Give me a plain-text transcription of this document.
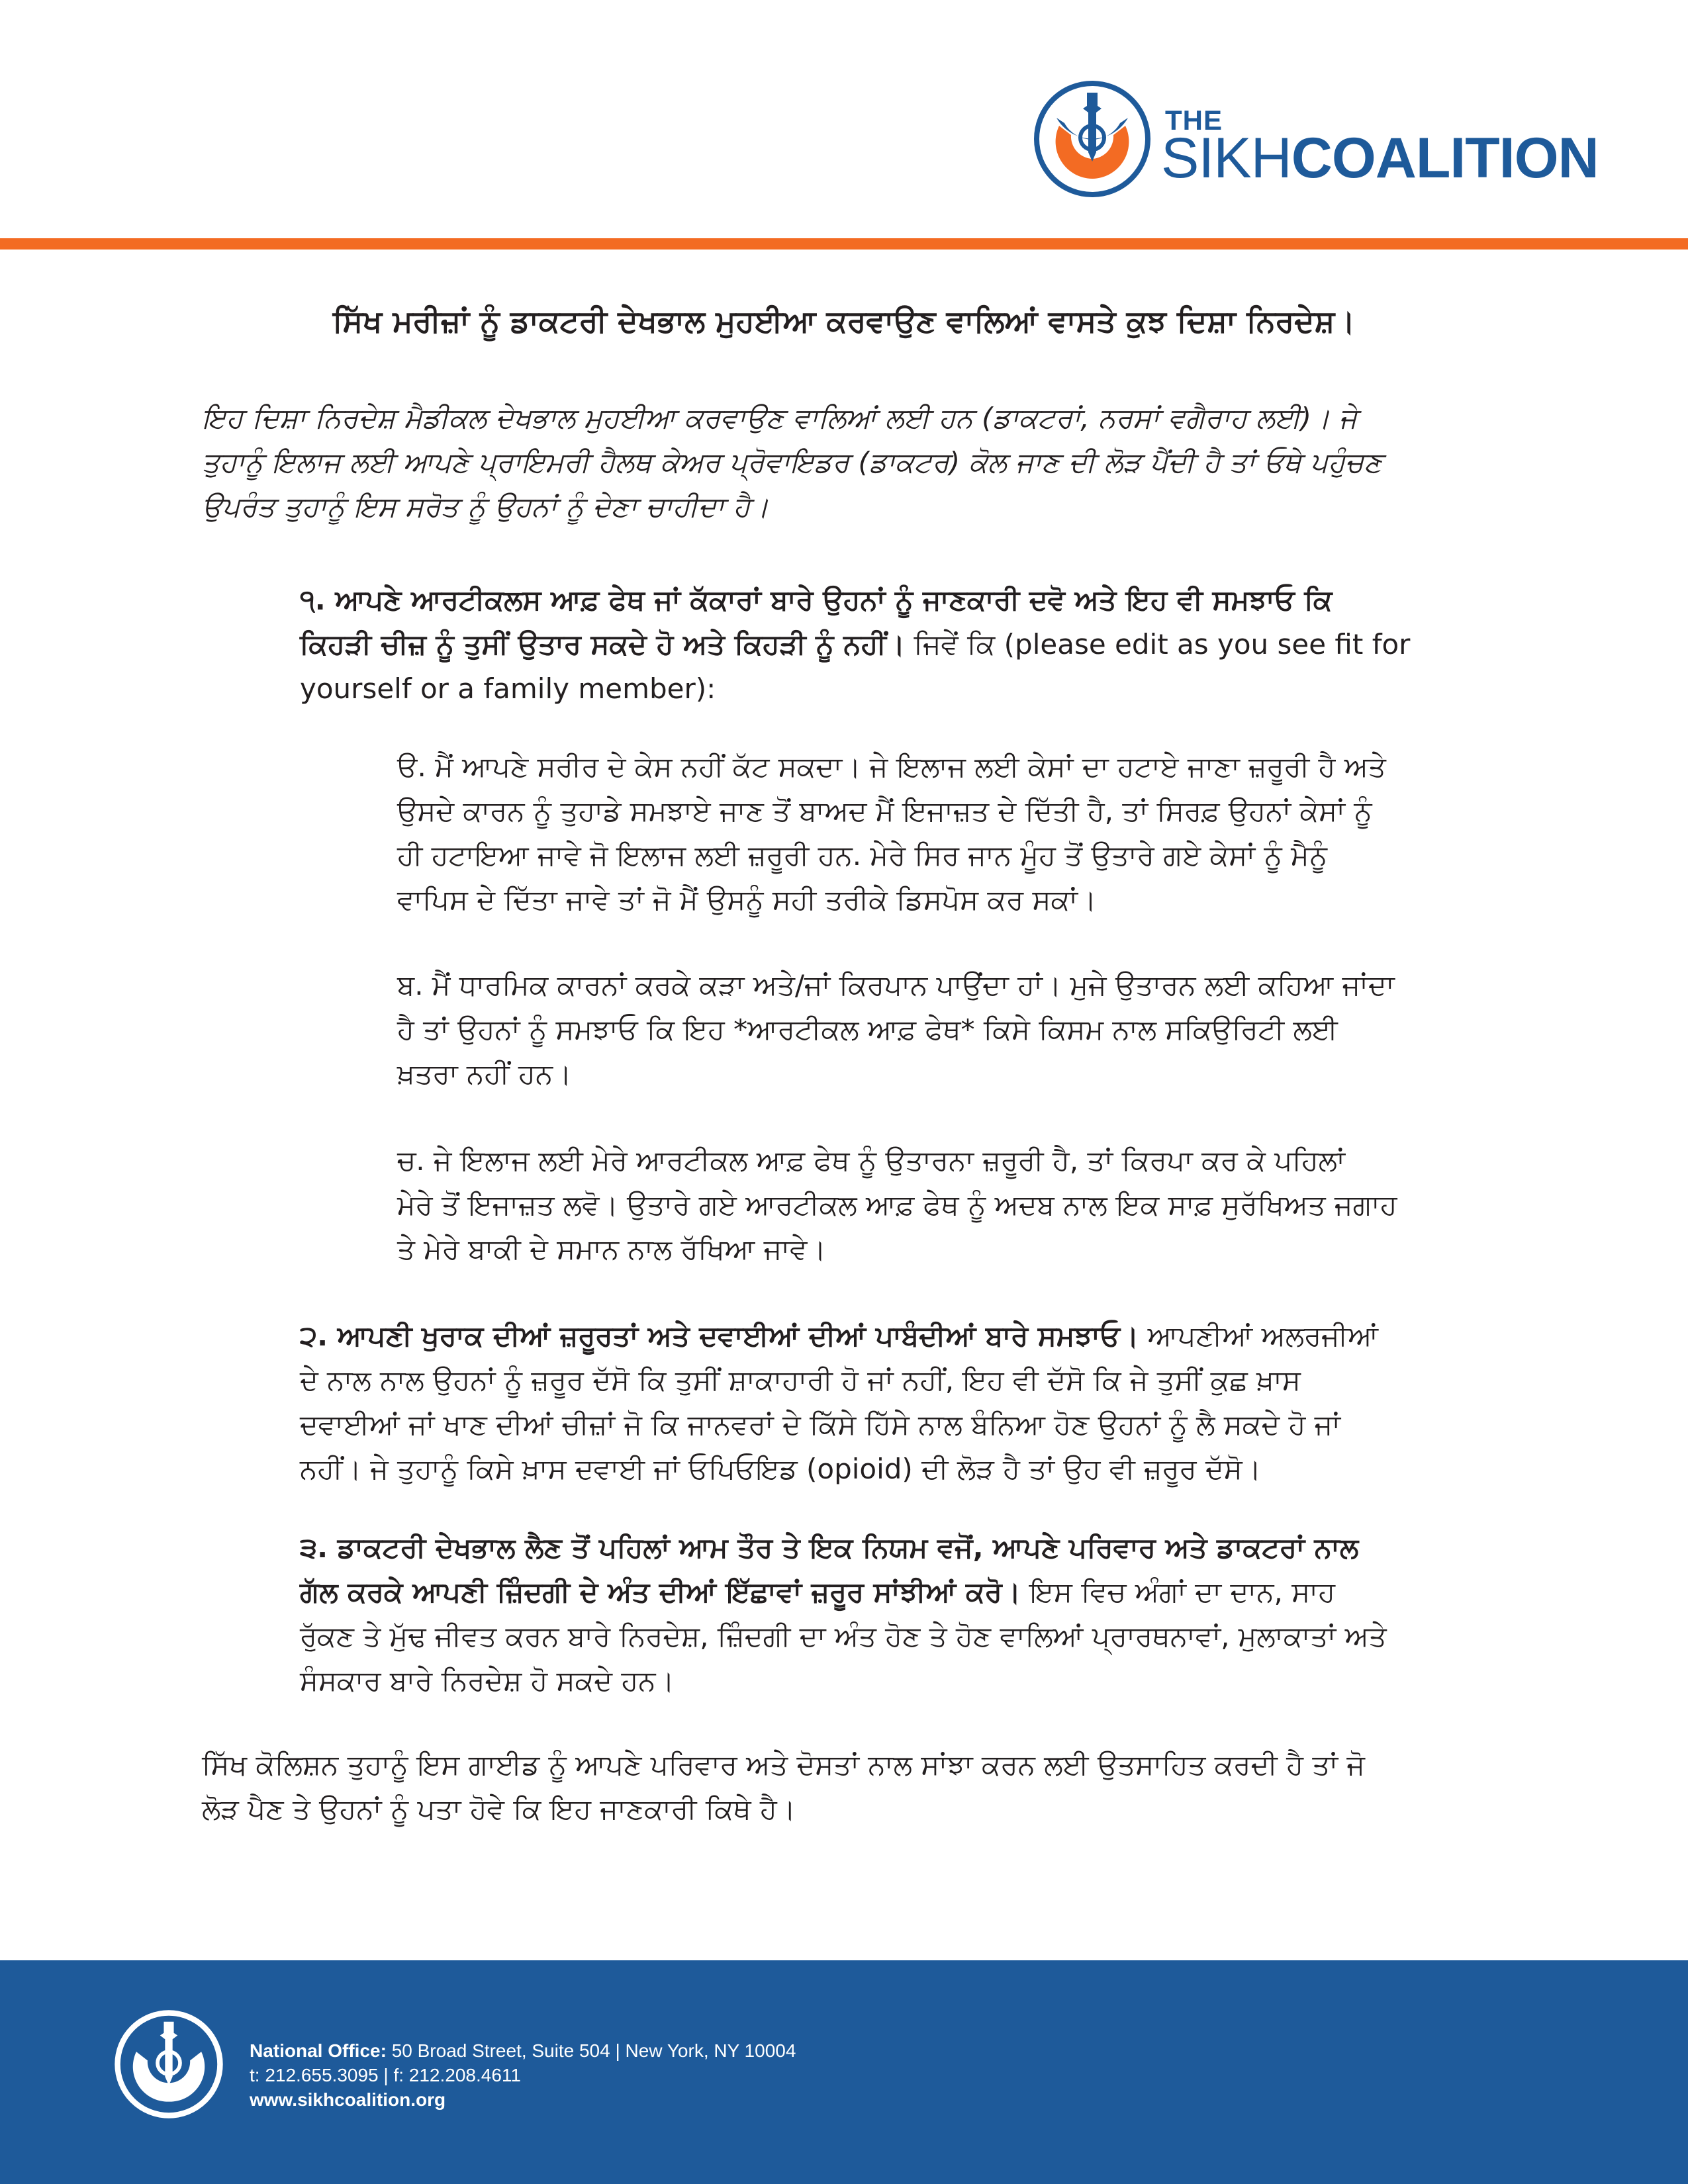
THE
SIKHCOALITION
ਸਿੱਖ ਮਰੀਜ਼ਾਂ ਨੂੰ ਡਾਕਟਰੀ ਦੇਖਭਾਲ ਮੁਹਈਆ ਕਰਵਾਉਣ ਵਾਲਿਆਂ ਵਾਸਤੇ ਕੁਝ ਦਿਸ਼ਾ ਨਿਰਦੇਸ਼।
ਇਹ ਦਿਸ਼ਾ ਨਿਰਦੇਸ਼ ਮੈਡੀਕਲ ਦੇਖਭਾਲ ਮੁਹਈਆ ਕਰਵਾਉਣ ਵਾਲਿਆਂ ਲਈ ਹਨ (ਡਾਕਟਰਾਂ, ਨਰਸਾਂ ਵਗੈਰਾਹ ਲਈ)। ਜੇ
ਤੁਹਾਨੂੰ ਇਲਾਜ ਲਈ ਆਪਣੇ ਪ੍ਰਾਇਮਰੀ ਹੈਲਥ ਕੇਅਰ ਪ੍ਰੋਵਾਇਡਰ (ਡਾਕਟਰ) ਕੋਲ ਜਾਣ ਦੀ ਲੋੜ ਪੈਂਦੀ ਹੈ ਤਾਂ ਓਥੇ ਪਹੁੰਚਣ
ਉਪਰੰਤ ਤੁਹਾਨੂੰ ਇਸ ਸਰੋਤ ਨੂੰ ਉਹਨਾਂ ਨੂੰ ਦੇਣਾ ਚਾਹੀਦਾ ਹੈ।
੧. ਆਪਣੇ ਆਰਟੀਕਲਸ ਆਫ਼ ਫੇਥ ਜਾਂ ਕੱਕਾਰਾਂ ਬਾਰੇ ਉਹਨਾਂ ਨੂੰ ਜਾਣਕਾਰੀ ਦਵੋ ਅਤੇ ਇਹ ਵੀ ਸਮਝਾਓ ਕਿ
ਕਿਹੜੀ ਚੀਜ਼ ਨੂੰ ਤੁਸੀਂ ਉਤਾਰ ਸਕਦੇ ਹੋ ਅਤੇ ਕਿਹੜੀ ਨੂੰ ਨਹੀਂ। ਜਿਵੇਂ ਕਿ (please edit as you see fit for
yourself or a family member):
ੳ. ਮੈਂ ਆਪਣੇ ਸਰੀਰ ਦੇ ਕੇਸ ਨਹੀਂ ਕੱਟ ਸਕਦਾ। ਜੇ ਇਲਾਜ ਲਈ ਕੇਸਾਂ ਦਾ ਹਟਾਏ ਜਾਣਾ ਜ਼ਰੂਰੀ ਹੈ ਅਤੇ
ਉਸਦੇ ਕਾਰਨ ਨੂੰ ਤੁਹਾਡੇ ਸਮਝਾਏ ਜਾਣ ਤੋਂ ਬਾਅਦ ਮੈਂ ਇਜਾਜ਼ਤ ਦੇ ਦਿੱਤੀ ਹੈ, ਤਾਂ ਸਿਰਫ਼ ਉਹਨਾਂ ਕੇਸਾਂ ਨੂੰ
ਹੀ ਹਟਾਇਆ ਜਾਵੇ ਜੋ ਇਲਾਜ ਲਈ ਜ਼ਰੂਰੀ ਹਨ. ਮੇਰੇ ਸਿਰ ਜਾਨ ਮੂੰਹ ਤੋਂ ਉਤਾਰੇ ਗਏ ਕੇਸਾਂ ਨੂੰ ਮੈਨੂੰ
ਵਾਪਿਸ ਦੇ ਦਿੱਤਾ ਜਾਵੇ ਤਾਂ ਜੋ ਮੈਂ ਉਸਨੂੰ ਸਹੀ ਤਰੀਕੇ ਡਿਸਪੋਸ ਕਰ ਸਕਾਂ।
ਬ. ਮੈਂ ਧਾਰਮਿਕ ਕਾਰਨਾਂ ਕਰਕੇ ਕੜਾ ਅਤੇ/ਜਾਂ ਕਿਰਪਾਨ ਪਾਉਂਦਾ ਹਾਂ। ਮੁਜੇ ਉਤਾਰਨ ਲਈ ਕਹਿਆ ਜਾਂਦਾ
ਹੈ ਤਾਂ ਉਹਨਾਂ ਨੂੰ ਸਮਝਾਓ ਕਿ ਇਹ *ਆਰਟੀਕਲ ਆਫ਼ ਫੇਥ* ਕਿਸੇ ਕਿਸਮ ਨਾਲ ਸਕਿਉਰਿਟੀ ਲਈ
ਖ਼ਤਰਾ ਨਹੀਂ ਹਨ।
ਚ. ਜੇ ਇਲਾਜ ਲਈ ਮੇਰੇ ਆਰਟੀਕਲ ਆਫ਼ ਫੇਥ ਨੂੰ ਉਤਾਰਨਾ ਜ਼ਰੂਰੀ ਹੈ, ਤਾਂ ਕਿਰਪਾ ਕਰ ਕੇ ਪਹਿਲਾਂ
ਮੇਰੇ ਤੋਂ ਇਜਾਜ਼ਤ ਲਵੋ। ਉਤਾਰੇ ਗਏ ਆਰਟੀਕਲ ਆਫ਼ ਫੇਥ ਨੂੰ ਅਦਬ ਨਾਲ ਇਕ ਸਾਫ਼ ਸੁਰੱਖਿਅਤ ਜਗਾਹ
ਤੇ ਮੇਰੇ ਬਾਕੀ ਦੇ ਸਮਾਨ ਨਾਲ ਰੱਖਿਆ ਜਾਵੇ।
੨. ਆਪਣੀ ਖੁਰਾਕ ਦੀਆਂ ਜ਼ਰੂਰਤਾਂ ਅਤੇ ਦਵਾਈਆਂ ਦੀਆਂ ਪਾਬੰਦੀਆਂ ਬਾਰੇ ਸਮਝਾਓ। ਆਪਣੀਆਂ ਅਲਰਜੀਆਂ
ਦੇ ਨਾਲ ਨਾਲ ਉਹਨਾਂ ਨੂੰ ਜ਼ਰੂਰ ਦੱਸੋ ਕਿ ਤੁਸੀਂ ਸ਼ਾਕਾਹਾਰੀ ਹੋ ਜਾਂ ਨਹੀਂ, ਇਹ ਵੀ ਦੱਸੋ ਕਿ ਜੇ ਤੁਸੀਂ ਕੁਛ ਖ਼ਾਸ
ਦਵਾਈਆਂ ਜਾਂ ਖਾਣ ਦੀਆਂ ਚੀਜ਼ਾਂ ਜੋ ਕਿ ਜਾਨਵਰਾਂ ਦੇ ਕਿੱਸੇ ਹਿੱਸੇ ਨਾਲ ਬੰਨਿਆ ਹੋਣ ਉਹਨਾਂ ਨੂੰ ਲੈ ਸਕਦੇ ਹੋ ਜਾਂ
ਨਹੀਂ। ਜੇ ਤੁਹਾਨੂੰ ਕਿਸੇ ਖ਼ਾਸ ਦਵਾਈ ਜਾਂ ਓਪਿਓਇਡ (opioid) ਦੀ ਲੋੜ ਹੈ ਤਾਂ ਉਹ ਵੀ ਜ਼ਰੂਰ ਦੱਸੋ।
੩. ਡਾਕਟਰੀ ਦੇਖਭਾਲ ਲੈਣ ਤੋਂ ਪਹਿਲਾਂ ਆਮ ਤੌਰ ਤੇ ਇਕ ਨਿਯਮ ਵਜੋਂ, ਆਪਣੇ ਪਰਿਵਾਰ ਅਤੇ ਡਾਕਟਰਾਂ ਨਾਲ
ਗੱਲ ਕਰਕੇ ਆਪਣੀ ਜ਼ਿੰਦਗੀ ਦੇ ਅੰਤ ਦੀਆਂ ਇੱਛਾਵਾਂ ਜ਼ਰੂਰ ਸਾਂਝੀਆਂ ਕਰੋ। ਇਸ ਵਿਚ ਅੰਗਾਂ ਦਾ ਦਾਨ, ਸਾਹ
ਰੁੱਕਣ ਤੇ ਮੁੱਢ ਜੀਵਤ ਕਰਨ ਬਾਰੇ ਨਿਰਦੇਸ਼, ਜ਼ਿੰਦਗੀ ਦਾ ਅੰਤ ਹੋਣ ਤੇ ਹੋਣ ਵਾਲਿਆਂ ਪ੍ਰਾਰਥਨਾਵਾਂ, ਮੁਲਾਕਾਤਾਂ ਅਤੇ
ਸੰਸਕਾਰ ਬਾਰੇ ਨਿਰਦੇਸ਼ ਹੋ ਸਕਦੇ ਹਨ।
ਸਿੱਖ ਕੋਲਿਸ਼ਨ ਤੁਹਾਨੂੰ ਇਸ ਗਾਈਡ ਨੂੰ ਆਪਣੇ ਪਰਿਵਾਰ ਅਤੇ ਦੋਸਤਾਂ ਨਾਲ ਸਾਂਝਾ ਕਰਨ ਲਈ ਉਤਸਾਹਿਤ ਕਰਦੀ ਹੈ ਤਾਂ ਜੋ
ਲੋੜ ਪੈਣ ਤੇ ਉਹਨਾਂ ਨੂੰ ਪਤਾ ਹੋਵੇ ਕਿ ਇਹ ਜਾਣਕਾਰੀ ਕਿਥੇ ਹੈ।
National Office: 50 Broad Street, Suite 504 | New York, NY 10004
t: 212.655.3095 | f: 212.208.4611
www.sikhcoalition.org
